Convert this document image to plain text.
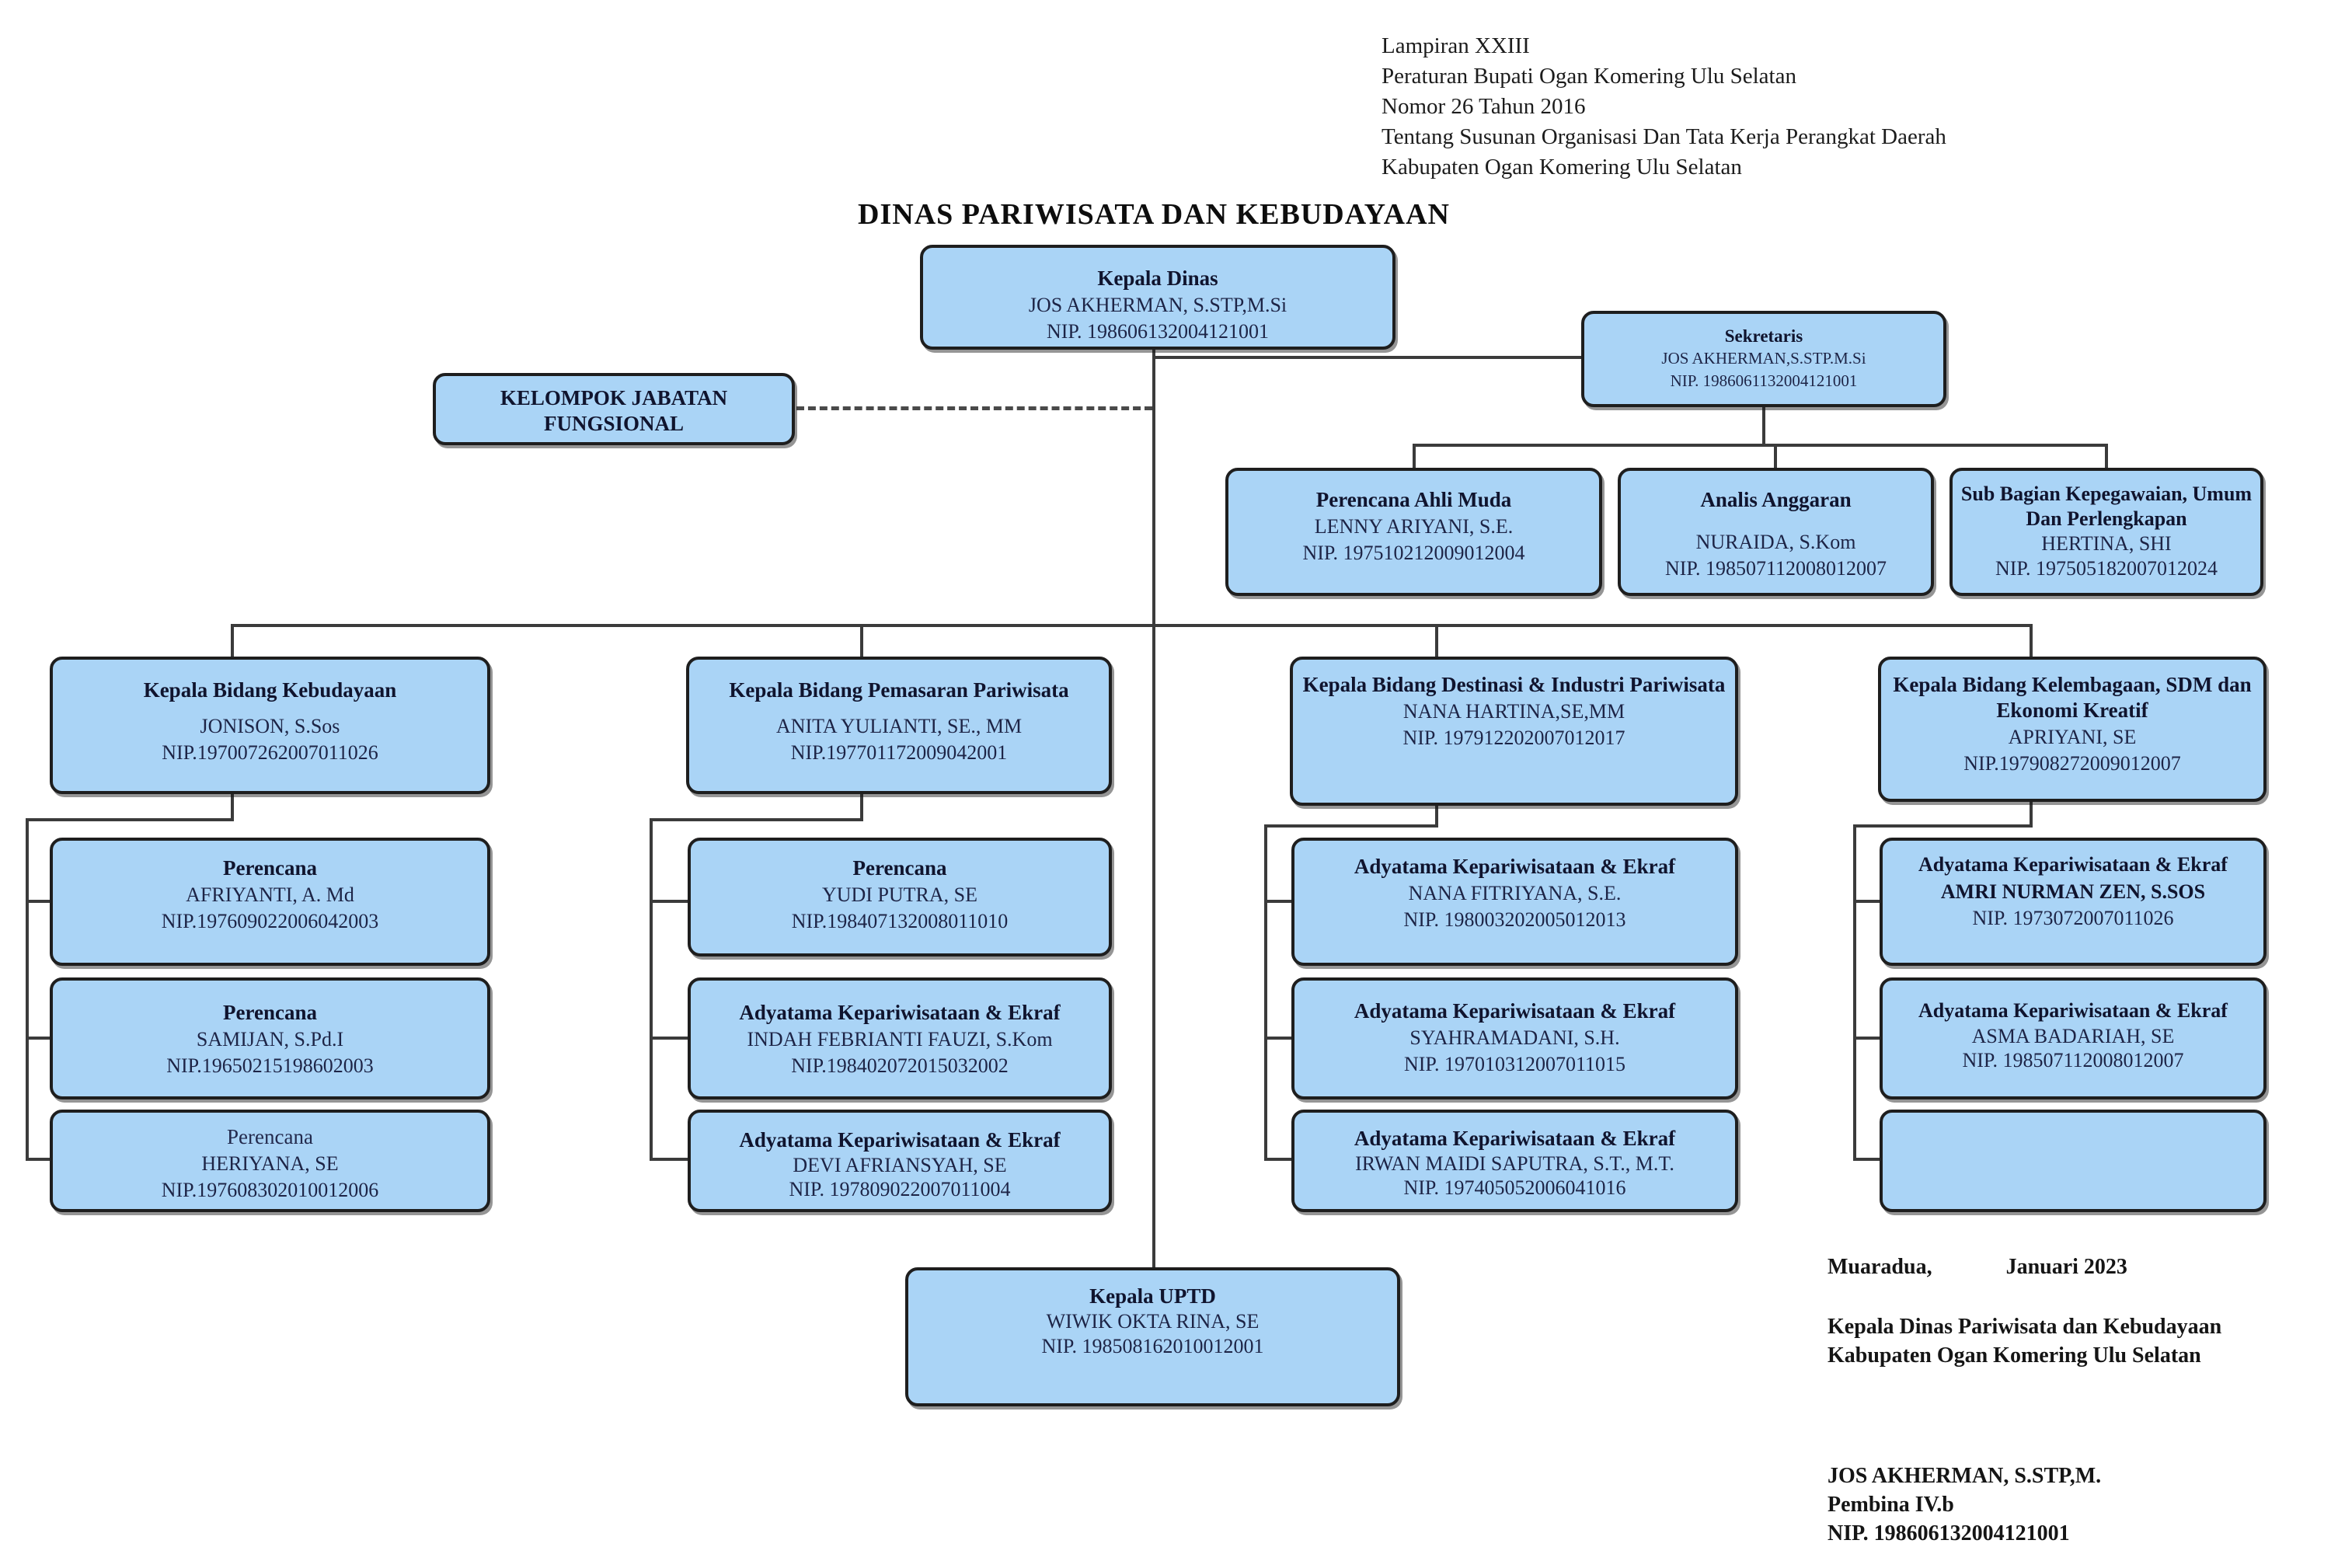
Lampiran XXIII
Peraturan Bupati Ogan Komering Ulu Selatan
Nomor 26 Tahun 2016
Tentang Susunan Organisasi Dan Tata Kerja Perangkat Daerah
Kabupaten Ogan Komering Ulu Selatan
DINAS PARIWISATA DAN KEBUDAYAAN
Kepala Dinas
JOS AKHERMAN, S.STP,M.Si
NIP. 198606132004121001	Sekretaris
JOS AKHERMAN,S.STP.M.Si
NIP. 1986061132004121001
KELOMPOK JABATAN FUNGSIONAL
Perencana Ahli Muda
LENNY ARIYANI, S.E.
NIP. 197510212009012004
Analis Anggaran
NURAIDA, S.Kom
NIP. 198507112008012007
Sub Bagian Kepegawaian, Umum Dan Perlengkapan
HERTINA, SHI
NIP. 197505182007012024
Kepala Bidang Kebudayaan
JONISON, S.Sos
NIP.197007262007011026
Kepala Bidang Pemasaran Pariwisata
ANITA YULIANTI, SE., MM
NIP.197701172009042001
Kepala Bidang Destinasi & Industri Pariwisata
NANA HARTINA,SE,MM
NIP. 197912202007012017
Kepala Bidang Kelembagaan, SDM dan Ekonomi Kreatif
APRIYANI, SE
NIP.197908272009012007
Perencana
AFRIYANTI, A. Md
NIP.197609022006042003
Perencana
SAMIJAN, S.Pd.I
NIP.19650215198602003
Perencana
HERIYANA, SE
NIP.197608302010012006
Perencana
YUDI PUTRA, SE
NIP.198407132008011010
Adyatama Kepariwisataan & Ekraf
INDAH FEBRIANTI FAUZI, S.Kom
NIP.198402072015032002
Adyatama Kepariwisataan & Ekraf
DEVI AFRIANSYAH, SE
NIP. 197809022007011004
Adyatama Kepariwisataan & Ekraf
NANA FITRIYANA, S.E.
NIP. 198003202005012013
Adyatama Kepariwisataan & Ekraf
SYAHRAMADANI, S.H.
NIP. 197010312007011015
Adyatama Kepariwisataan & Ekraf
IRWAN MAIDI SAPUTRA, S.T., M.T.
NIP. 197405052006041016
Adyatama Kepariwisataan & Ekraf
AMRI NURMAN ZEN, S.SOS
NIP. 1973072007011026
Adyatama Kepariwisataan & Ekraf
ASMA BADARIAH, SE
NIP. 198507112008012007
Kepala UPTD
WIWIK OKTA RINA, SE
NIP. 198508162010012001
Muaradua,	Januari 2023
Kepala Dinas Pariwisata dan Kebudayaan
Kabupaten Ogan Komering Ulu Selatan
JOS AKHERMAN, S.STP,M.
Pembina IV.b
NIP. 198606132004121001
